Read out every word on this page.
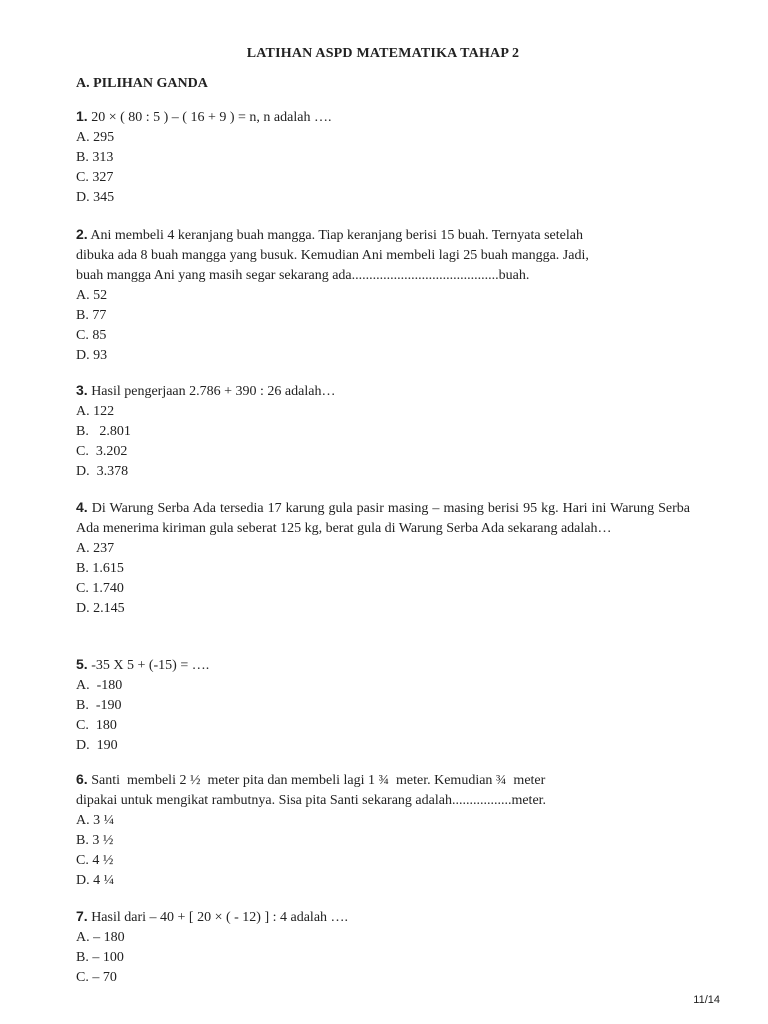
LATIHAN ASPD MATEMATIKA TAHAP 2
A. PILIHAN GANDA

1. 20 × ( 80 : 5 ) – ( 16 + 9 ) = n, n adalah ….

A. 295

B. 313

C. 327

D. 345

2. Ani membeli 4 keranjang buah mangga. Tiap keranjang berisi 15 buah. Ternyata setelah

dibuka ada 8 buah mangga yang busuk. Kemudian Ani membeli lagi 25 buah mangga. Jadi,

buah mangga Ani yang masih segar sekarang ada..........................................buah.

A. 52

B. 77

C. 85

D. 93

3. Hasil pengerjaan 2.786 + 390 : 26 adalah…

A. 122

B.   2.801

C.  3.202

D.  3.378

4. Di Warung Serba Ada tersedia 17 karung gula pasir masing – masing berisi 95 kg. Hari ini Warung Serba Ada menerima kiriman gula seberat 125 kg, berat gula di Warung Serba Ada sekarang adalah…

A. 237

B. 1.615

C. 1.740

D. 2.145

5. -35 X 5 + (-15) = ….

A.  -180

B.  -190

C.  180

D.  190

6. Santi  membeli 2 ½  meter pita dan membeli lagi 1 ¾  meter. Kemudian ¾  meter

dipakai untuk mengikat rambutnya. Sisa pita Santi sekarang adalah.................meter.

A. 3 ¼

B. 3 ½

C. 4 ½

D. 4 ¼

7. Hasil dari – 40 + [ 20 × ( - 12) ] : 4 adalah ….

A. – 180

B. – 100

C. – 70

11/14
